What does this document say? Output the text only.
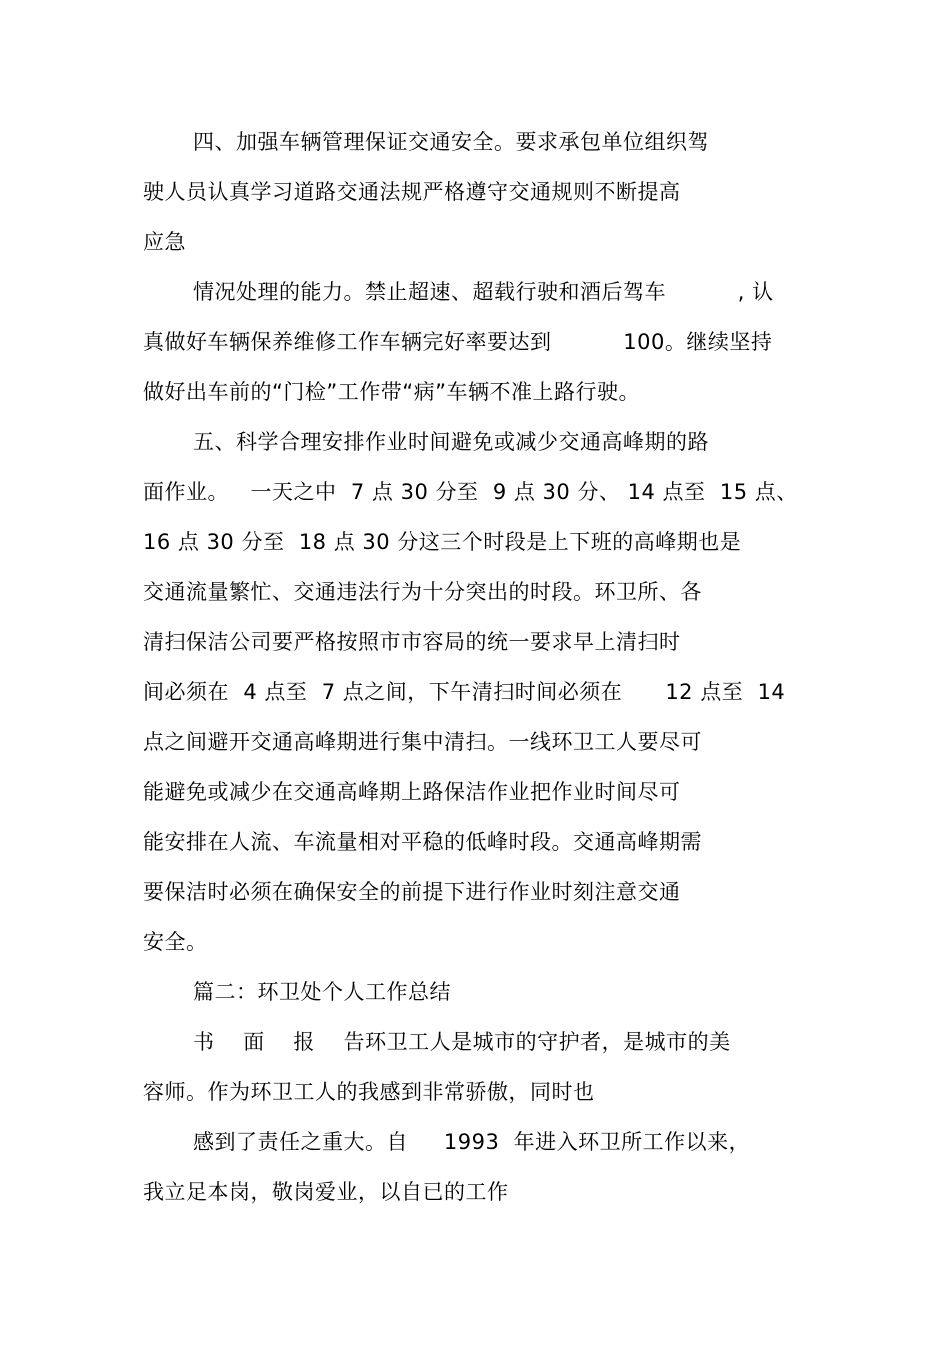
四、加强车辆管理保证交通安全。要求承包单位组织驾
驶人员认真学习道路交通法规严格遵守交通规则不断提高
应急
情况处理的能力。禁止超速、超载行驶和酒后驾车          , 认
真做好车辆保养维修工作车辆完好率要达到          100。继续坚持
做好出车前的“门检”工作带“病”车辆不准上路行驶。
五、科学合理安排作业时间避免或减少交通高峰期的路
面作业。   一天之中  7 点 30 分至  9 点 30 分、 14 点至  15 点、
16 点 30 分至  18 点 30 分这三个时段是上下班的高峰期也是
交通流量繁忙、交通违法行为十分突出的时段。环卫所、各
清扫保洁公司要严格按照市市容局的统一要求早上清扫时
间必须在  4 点至  7 点之间，下午清扫时间必须在      12 点至  14
点之间避开交通高峰期进行集中清扫。一线环卫工人要尽可
能避免或减少在交通高峰期上路保洁作业把作业时间尽可
能安排在人流、车流量相对平稳的低峰时段。交通高峰期需
要保洁时必须在确保安全的前提下进行作业时刻注意交通
安全。
篇二：环卫处个人工作总结
书    面    报    告环卫工人是城市的守护者，是城市的美
容师。作为环卫工人的我感到非常骄傲，同时也
感到了责任之重大。自     1993  年进入环卫所工作以来，
我立足本岗，敬岗爱业，以自已的工作
